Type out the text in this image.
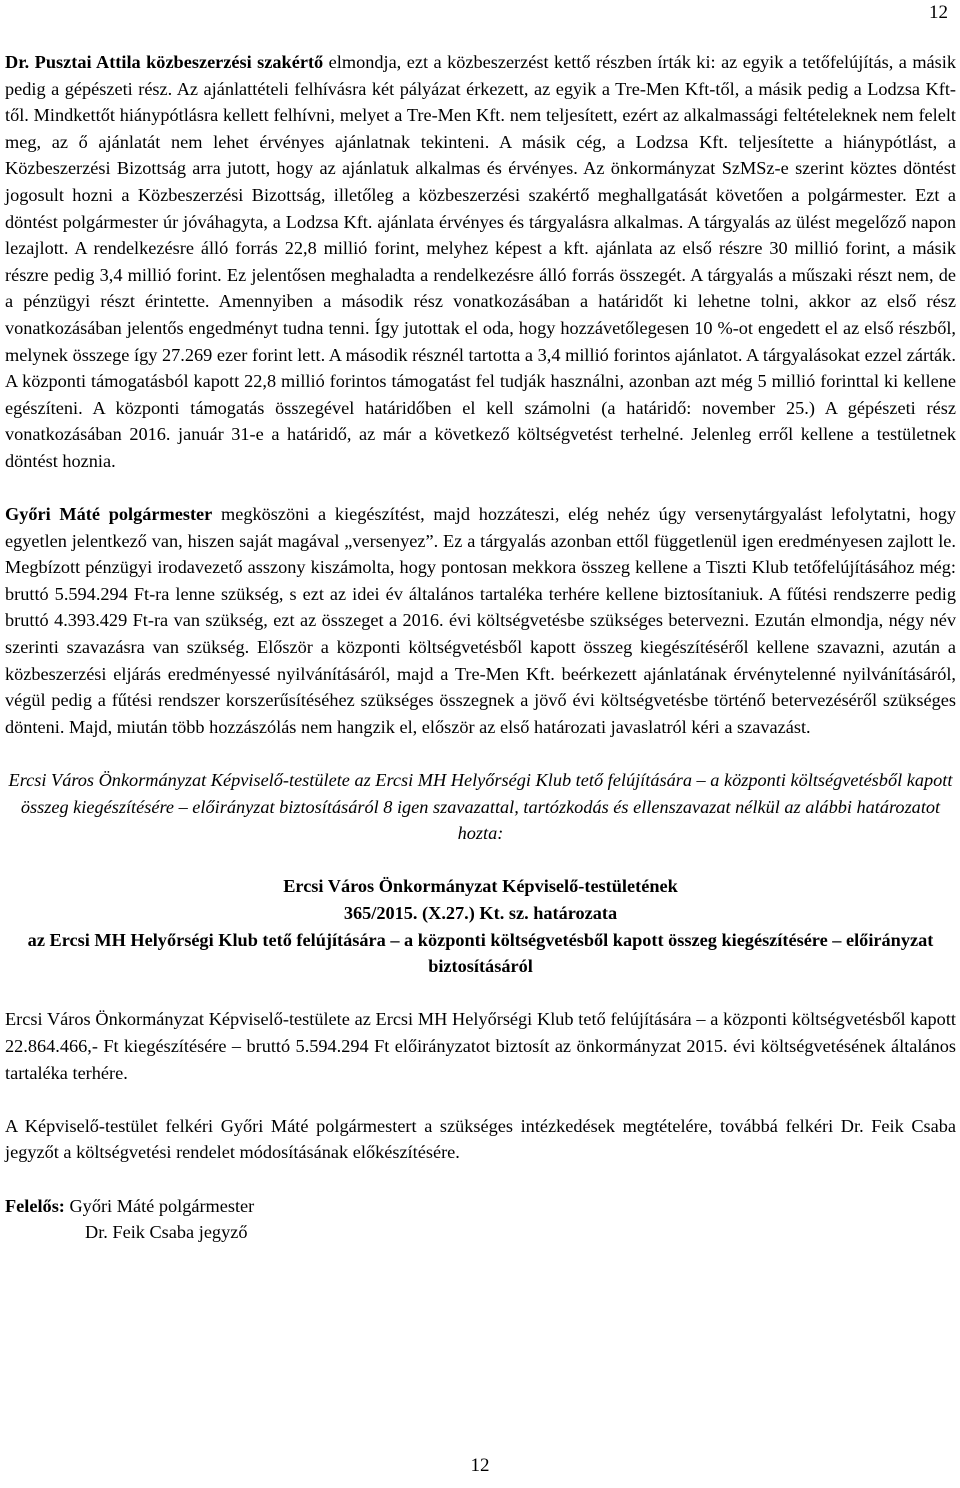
12

Dr. Pusztai Attila közbeszerzési szakértő elmondja, ezt a közbeszerzést kettő részben írták ki: az egyik a tetőfelújítás, a másik pedig a gépészeti rész. Az ajánlattételi felhívásra két pályázat érkezett, az egyik a Tre-Men Kft-től, a másik pedig a Lodzsa Kft-től. Mindkettőt hiánypótlásra kellett felhívni, melyet a Tre-Men Kft. nem teljesített, ezért az alkalmassági feltételeknek nem felelt meg, az ő ajánlatát nem lehet érvényes ajánlatnak tekinteni. A másik cég, a Lodzsa Kft. teljesítette a hiánypótlást, a Közbeszerzési Bizottság arra jutott, hogy az ajánlatuk alkalmas és érvényes. Az önkormányzat SzMSz-e szerint köztes döntést jogosult hozni a Közbeszerzési Bizottság, illetőleg a közbeszerzési szakértő meghallgatását követően a polgármester. Ezt a döntést polgármester úr jóváhagyta, a Lodzsa Kft. ajánlata érvényes és tárgyalásra alkalmas. A tárgyalás az ülést megelőző napon lezajlott. A rendelkezésre álló forrás 22,8 millió forint, melyhez képest a kft. ajánlata az első részre 30 millió forint, a másik részre pedig 3,4 millió forint. Ez jelentősen meghaladta a rendelkezésre álló forrás összegét. A tárgyalás a műszaki részt nem, de a pénzügyi részt érintette. Amennyiben a második rész vonatkozásában a határidőt ki lehetne tolni, akkor az első rész vonatkozásában jelentős engedményt tudna tenni. Így jutottak el oda, hogy hozzávetőlegesen 10 %-ot engedett el az első részből, melynek összege így 27.269 ezer forint lett. A második résznél tartotta a 3,4 millió forintos ajánlatot. A tárgyalásokat ezzel zárták. A központi támogatásból kapott 22,8 millió forintos támogatást fel tudják használni, azonban azt még 5 millió forinttal ki kellene egészíteni. A központi támogatás összegével határidőben el kell számolni (a határidő: november 25.) A gépészeti rész vonatkozásában 2016. január 31-e a határidő, az már a következő költségvetést terhelné. Jelenleg erről kellene a testületnek döntést hoznia.

Győri Máté polgármester megköszöni a kiegészítést, majd hozzáteszi, elég nehéz úgy versenytárgyalást lefolytatni, hogy egyetlen jelentkező van, hiszen saját magával „versenyez”. Ez a tárgyalás azonban ettől függetlenül igen eredményesen zajlott le. Megbízott pénzügyi irodavezető asszony kiszámolta, hogy pontosan mekkora összeg kellene a Tiszti Klub tetőfelújításához még: bruttó 5.594.294 Ft-ra lenne szükség, s ezt az idei év általános tartaléka terhére kellene biztosítaniuk. A fűtési rendszerre pedig bruttó 4.393.429 Ft-ra van szükség, ezt az összeget a 2016. évi költségvetésbe szükséges betervezni. Ezután elmondja, négy név szerinti szavazásra van szükség. Először a központi költségvetésből kapott összeg kiegészítéséről kellene szavazni, azután a közbeszerzési eljárás eredményessé nyilvánításáról, majd a Tre-Men Kft. beérkezett ajánlatának érvénytelenné nyilvánításáról, végül pedig a fűtési rendszer korszerűsítéséhez szükséges összegnek a jövő évi költségvetésbe történő betervezéséről szükséges dönteni. Majd, miután több hozzászólás nem hangzik el, először az első határozati javaslatról kéri a szavazást.

Ercsi Város Önkormányzat Képviselő-testülete az Ercsi MH Helyőrségi Klub tető felújítására – a központi költségvetésből kapott összeg kiegészítésére – előirányzat biztosításáról 8 igen szavazattal, tartózkodás és ellenszavazat nélkül az alábbi határozatot hozta:

Ercsi Város Önkormányzat Képviselő-testületének

365/2015. (X.27.) Kt. sz. határozata

az Ercsi MH Helyőrségi Klub tető felújítására – a központi költségvetésből kapott összeg kiegészítésére – előirányzat biztosításáról

Ercsi Város Önkormányzat Képviselő-testülete az Ercsi MH Helyőrségi Klub tető felújítására – a központi költségvetésből kapott 22.864.466,- Ft kiegészítésére – bruttó 5.594.294 Ft előirányzatot biztosít az önkormányzat 2015. évi költségvetésének általános tartaléka terhére.

A Képviselő-testület felkéri Győri Máté polgármestert a szükséges intézkedések megtételére, továbbá felkéri Dr. Feik Csaba jegyzőt a költségvetési rendelet módosításának előkészítésére.

Felelős: Győri Máté polgármester

Dr. Feik Csaba jegyző

12
